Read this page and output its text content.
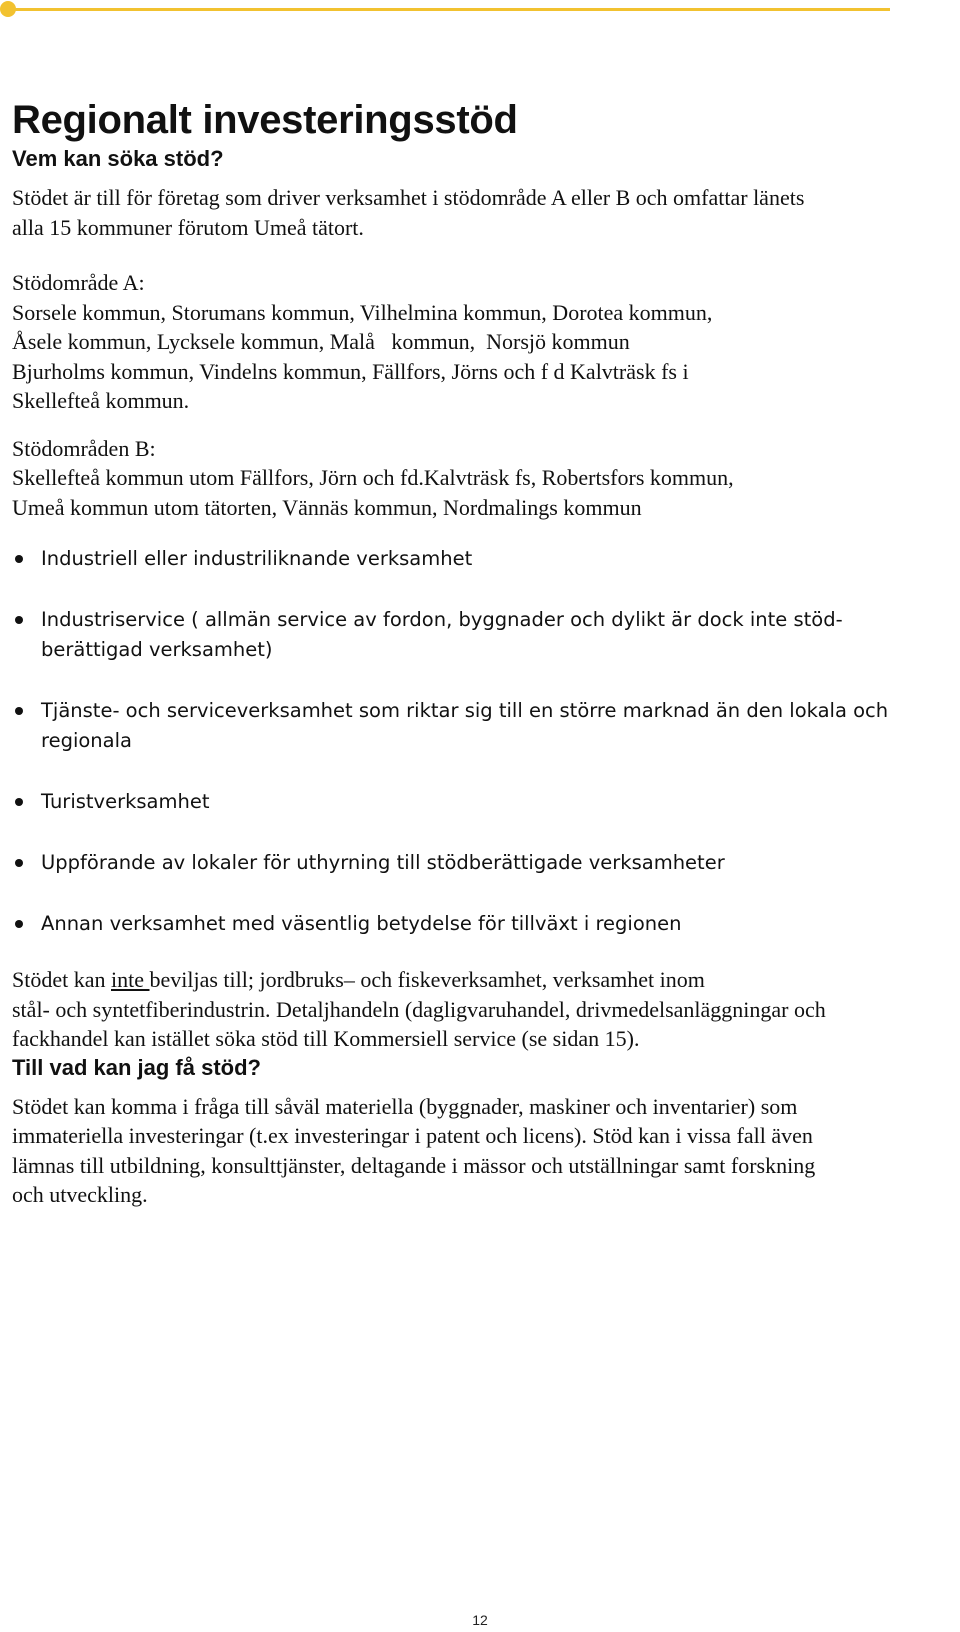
Regionalt investeringsstöd
Vem kan söka stöd?

Stödet är till för företag som driver verksamhet i stödområde A eller B och omfattar länets

alla 15 kommuner förutom Umeå tätort.

Stödområde A:

Sorsele kommun, Storumans kommun, Vilhelmina kommun, Dorotea kommun,

Åsele kommun, Lycksele kommun, Malå   kommun,  Norsjö kommun

Bjurholms kommun, Vindelns kommun, Fällfors, Jörns och f d Kalvträsk fs i

Skellefteå kommun.

Stödområden B:

Skellefteå kommun utom Fällfors, Jörn och fd.Kalvträsk fs, Robertsfors kommun,

Umeå kommun utom tätorten, Vännäs kommun, Nordmalings kommun

Industriell eller industriliknande verksamhet
Industriservice ( allmän service av fordon, byggnader och dylikt är dock inte stöd-
berättigad verksamhet)
Tjänste- och serviceverksamhet som riktar sig till en större marknad än den lokala och
regionala
Turistverksamhet
Uppförande av lokaler för uthyrning till stödberättigade verksamheter
Annan verksamhet med väsentlig betydelse för tillväxt i regionen

Stödet kan inte beviljas till; jordbruks– och fiskeverksamhet, verksamhet inom

stål- och syntetfiberindustrin. Detaljhandeln (dagligvaruhandel, drivmedelsanläggningar och

fackhandel kan istället söka stöd till Kommersiell service (se sidan 15).

Till vad kan jag få stöd?

Stödet kan komma i fråga till såväl materiella (byggnader, maskiner och inventarier) som

immateriella investeringar (t.ex investeringar i patent och licens). Stöd kan i vissa fall även

lämnas till utbildning, konsulttjänster, deltagande i mässor och utställningar samt forskning

och utveckling.

12
